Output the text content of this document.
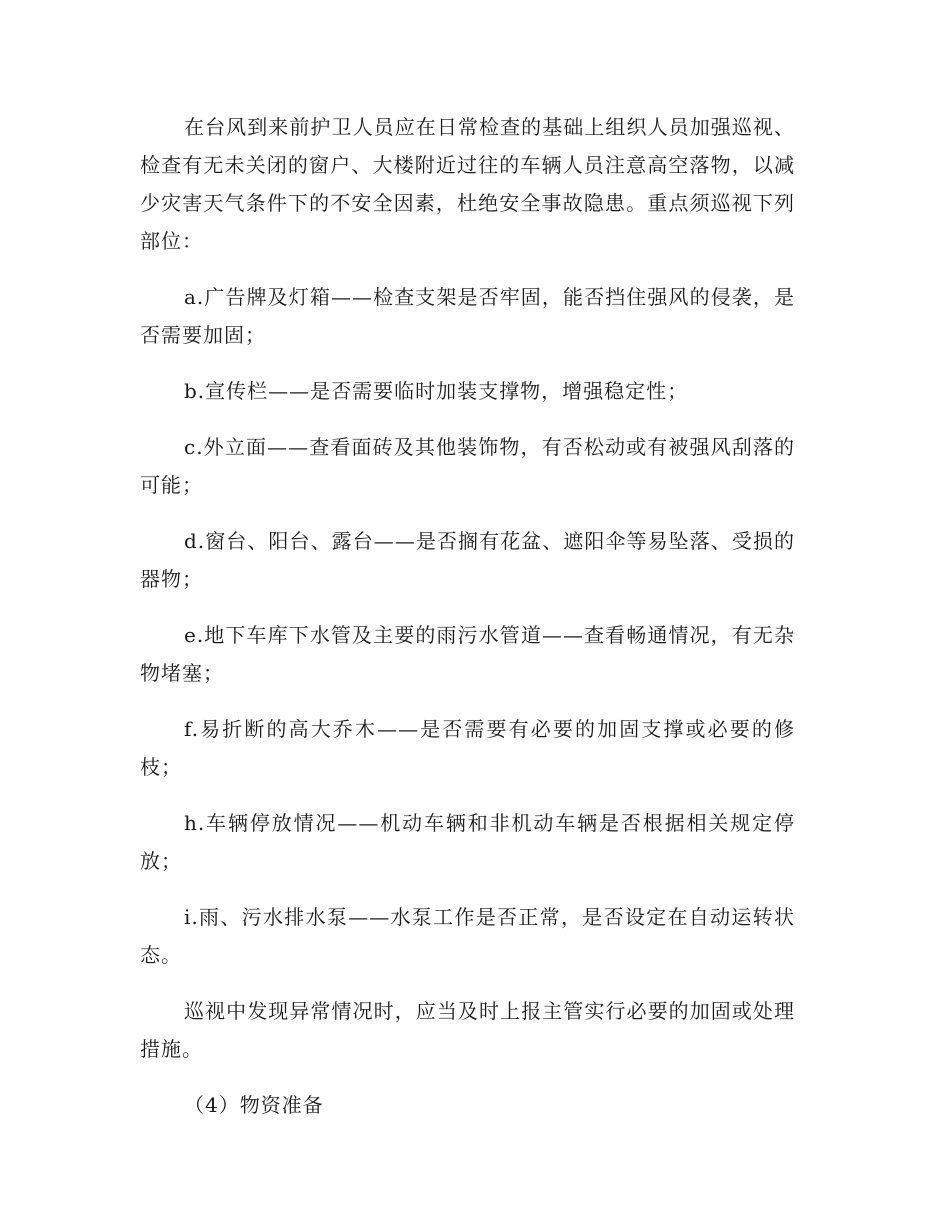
在台风到来前护卫人员应在日常检查的基础上组织人员加强巡视、检查有无未关闭的窗户、大楼附近过往的车辆人员注意高空落物，以减少灾害天气条件下的不安全因素，杜绝安全事故隐患。重点须巡视下列部位：

a.广告牌及灯箱——检查支架是否牢固，能否挡住强风的侵袭，是否需要加固；

b.宣传栏——是否需要临时加装支撑物，增强稳定性；

c.外立面——查看面砖及其他装饰物，有否松动或有被强风刮落的可能；

d.窗台、阳台、露台——是否搁有花盆、遮阳伞等易坠落、受损的器物；

e.地下车库下水管及主要的雨污水管道——查看畅通情况，有无杂物堵塞；

f.易折断的高大乔木——是否需要有必要的加固支撑或必要的修枝；

h.车辆停放情况——机动车辆和非机动车辆是否根据相关规定停放；

i.雨、污水排水泵——水泵工作是否正常，是否设定在自动运转状态。

巡视中发现异常情况时，应当及时上报主管实行必要的加固或处理措施。

（4）物资准备
